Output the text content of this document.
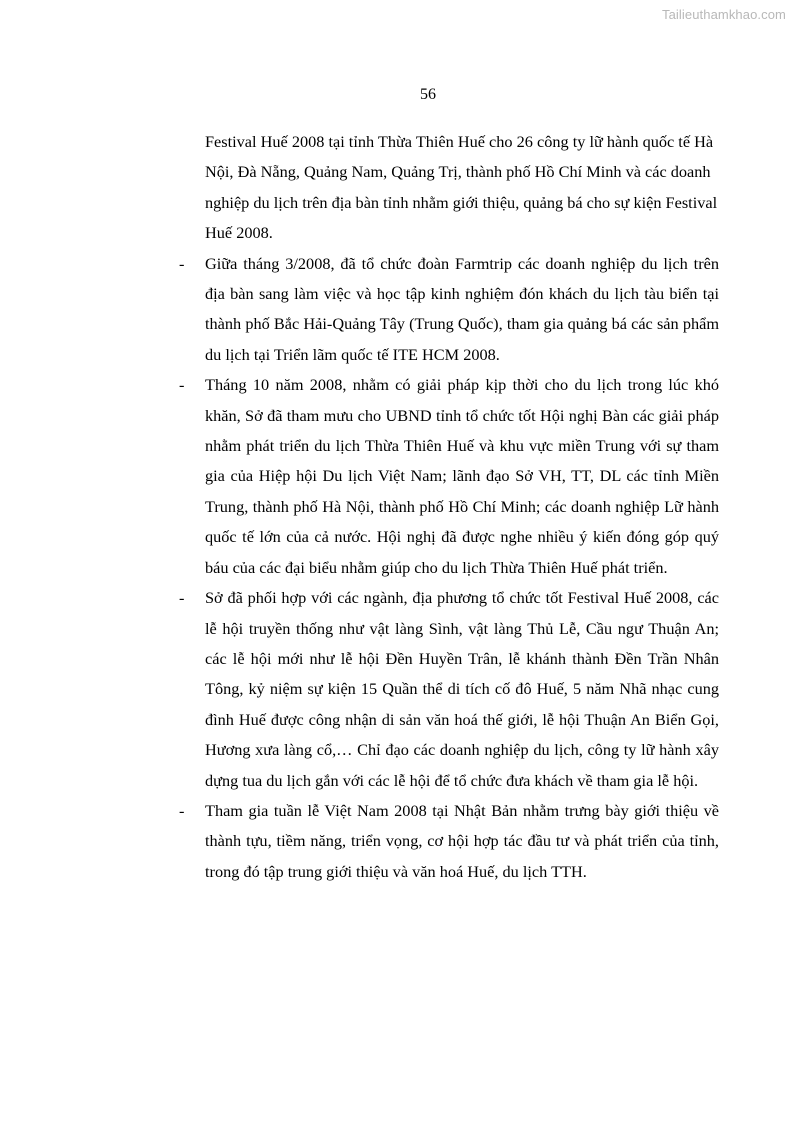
Tailieuthamkhao.com
56

Festival Huế 2008 tại tỉnh Thừa Thiên Huế cho 26 công ty lữ hành quốc tế Hà Nội, Đà Nẵng, Quảng Nam, Quảng Trị, thành phố Hồ Chí Minh và các doanh nghiệp du lịch trên địa bàn tỉnh nhằm giới thiệu, quảng bá cho sự kiện Festival Huế 2008.

- Giữa tháng 3/2008, đã tổ chức đoàn Farmtrip các doanh nghiệp du lịch trên địa bàn sang làm việc và học tập kinh nghiệm đón khách du lịch tàu biển tại thành phố Bắc Hải-Quảng Tây (Trung Quốc), tham gia quảng bá các sản phẩm du lịch tại Triển lãm quốc tế ITE HCM 2008.

- Tháng 10 năm 2008, nhằm có giải pháp kịp thời cho du lịch trong lúc khó khăn, Sở đã tham mưu cho UBND tỉnh tổ chức tốt Hội nghị Bàn các giải pháp nhằm phát triển du lịch Thừa Thiên Huế và khu vực miền Trung với sự tham gia của Hiệp hội Du lịch Việt Nam; lãnh đạo Sở VH, TT, DL các tỉnh Miền Trung, thành phố Hà Nội, thành phố Hồ Chí Minh; các doanh nghiệp Lữ hành quốc tế lớn của cả nước. Hội nghị đã được nghe nhiều ý kiến đóng góp quý báu của các đại biểu nhằm giúp cho du lịch Thừa Thiên Huế phát triển.

- Sở đã phối hợp với các ngành, địa phương tổ chức tốt Festival Huế 2008, các lễ hội truyền thống như vật làng Sình, vật làng Thủ Lễ, Cầu ngư Thuận An; các lễ hội mới như lễ hội Đền Huyền Trân, lễ khánh thành Đền Trần Nhân Tông, kỷ niệm sự kiện 15 Quần thể di tích cố đô Huế, 5 năm Nhã nhạc cung đình Huế được công nhận di sản văn hoá thế giới, lễ hội Thuận An Biển Gọi, Hương xưa làng cổ,… Chỉ đạo các doanh nghiệp du lịch, công ty lữ hành xây dựng tua du lịch gắn với các lễ hội để tổ chức đưa khách về tham gia lễ hội.

- Tham gia tuần lễ Việt Nam 2008 tại Nhật Bản nhằm trưng bày giới thiệu về thành tựu, tiềm năng, triển vọng, cơ hội hợp tác đầu tư và phát triển của tỉnh, trong đó tập trung giới thiệu và văn hoá Huế, du lịch TTH.
